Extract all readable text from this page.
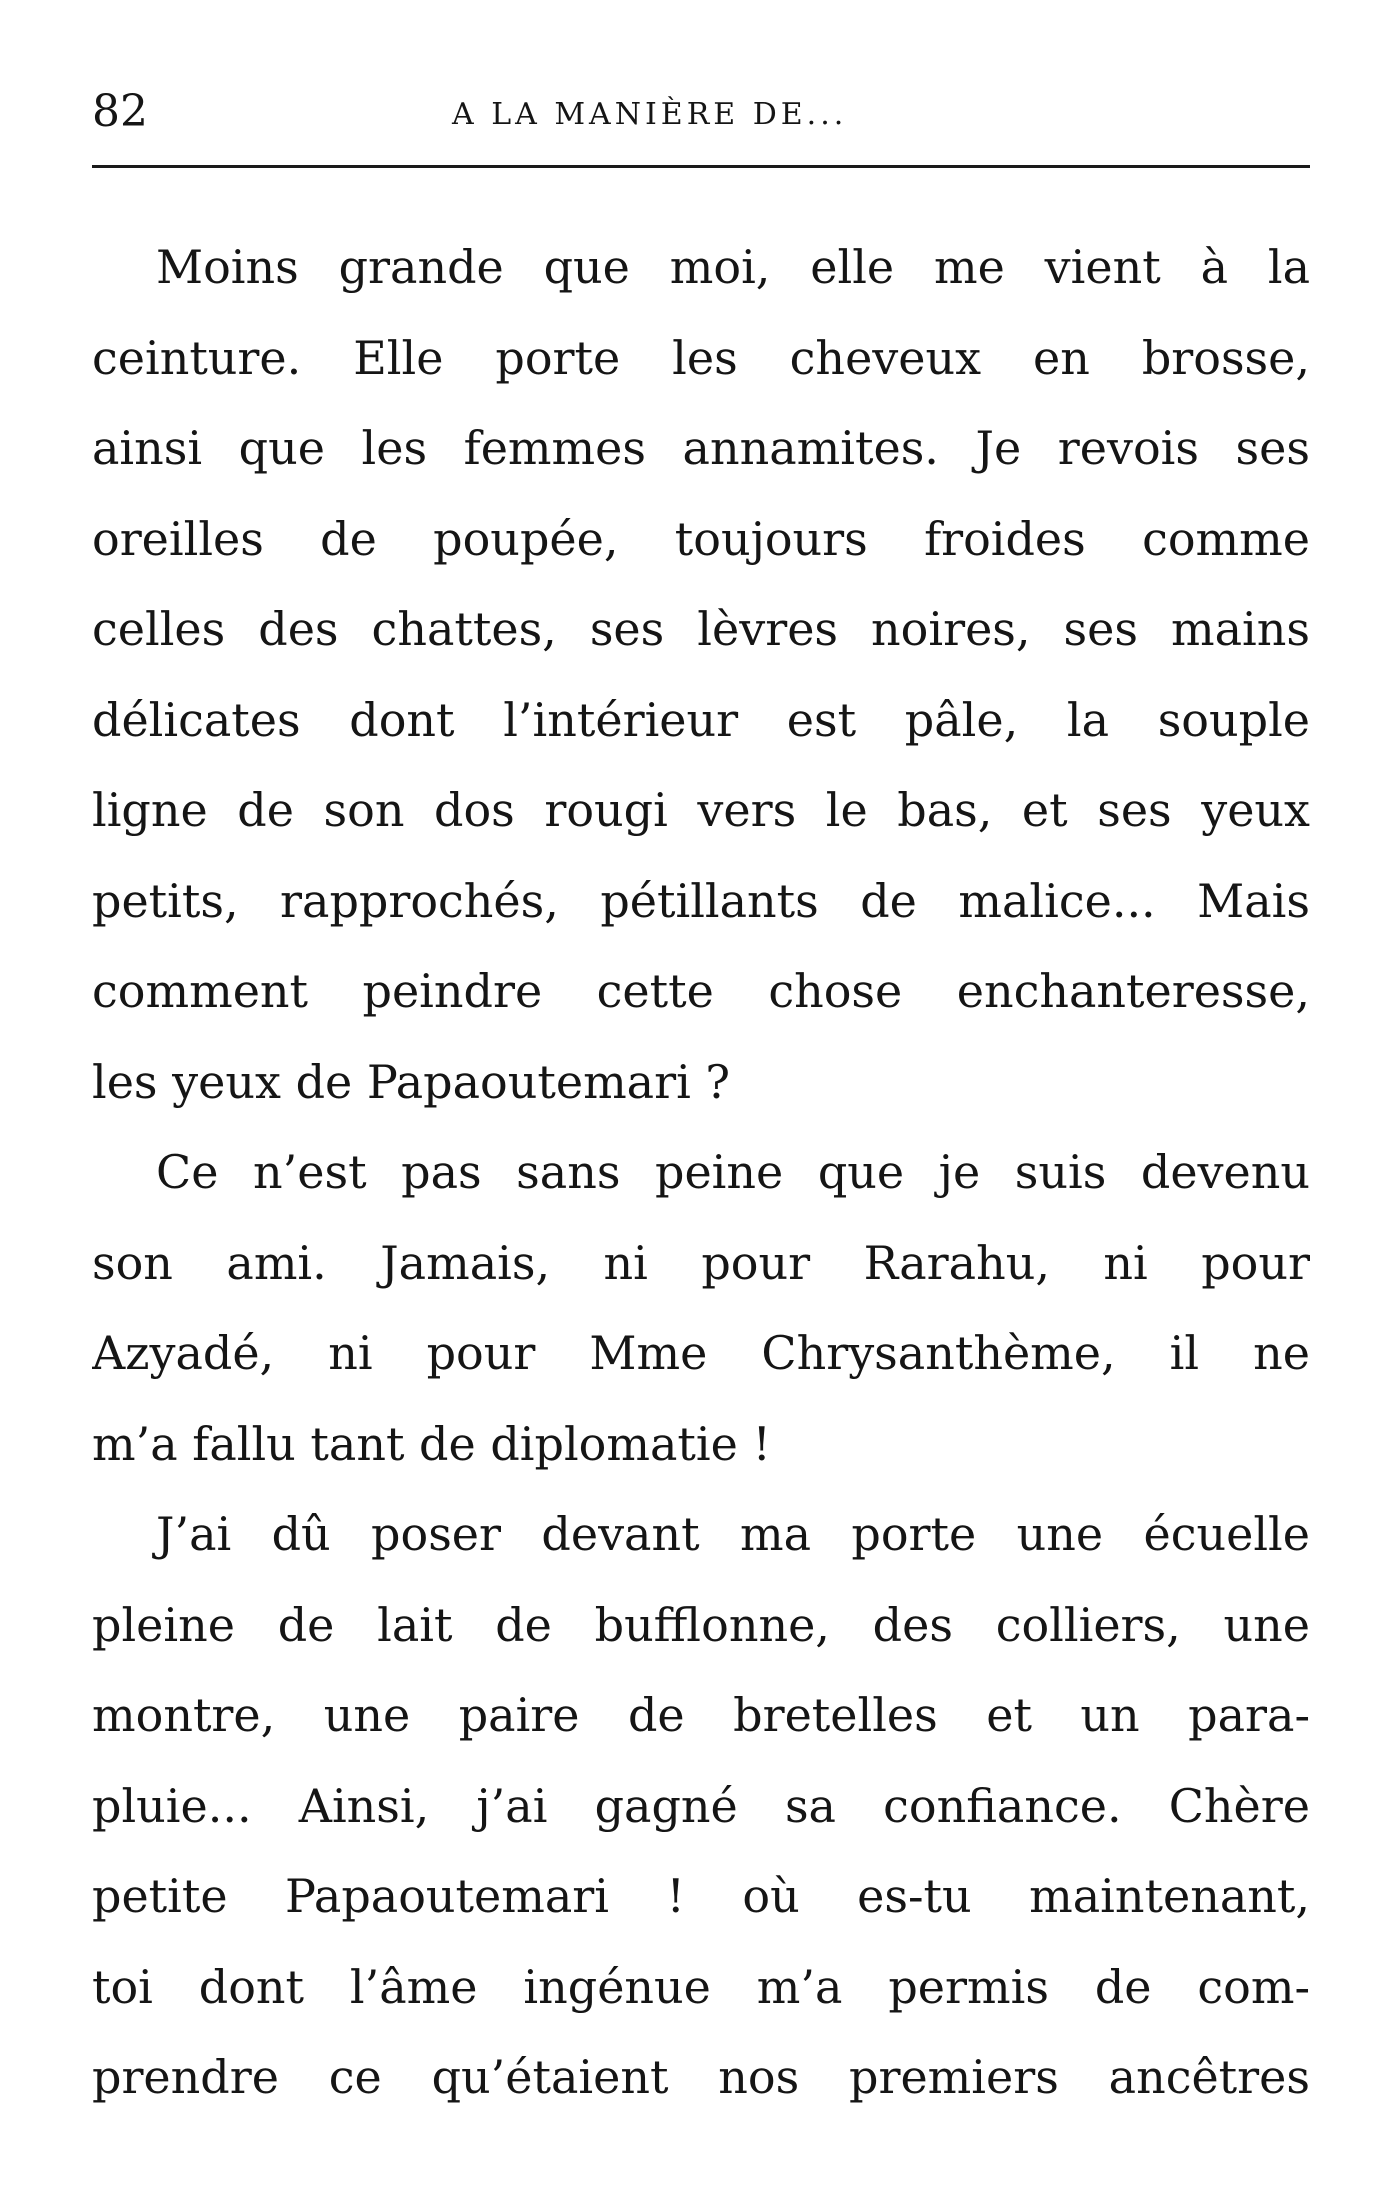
82	A LA MANIÈRE DE...
Moins grande que moi, elle me vient à la
ceinture. Elle porte les cheveux en brosse,
ainsi que les femmes annamites. Je revois ses
oreilles de poupée, toujours froides comme
celles des chattes, ses lèvres noires, ses mains
délicates dont l’intérieur est pâle, la souple
ligne de son dos rougi vers le bas, et ses yeux
petits, rapprochés, pétillants de malice... Mais
comment peindre cette chose enchanteresse,
les yeux de Papaoutemari ?
Ce n’est pas sans peine que je suis devenu
son ami. Jamais, ni pour Rarahu, ni pour
Azyadé, ni pour Mme Chrysanthème, il ne
m’a fallu tant de diplomatie !
J’ai dû poser devant ma porte une écuelle
pleine de lait de bufflonne, des colliers, une
montre, une paire de bretelles et un para-
pluie... Ainsi, j’ai gagné sa confiance. Chère
petite Papaoutemari ! où es-tu maintenant,
toi dont l’âme ingénue m’a permis de com-
prendre ce qu’étaient nos premiers ancêtres
